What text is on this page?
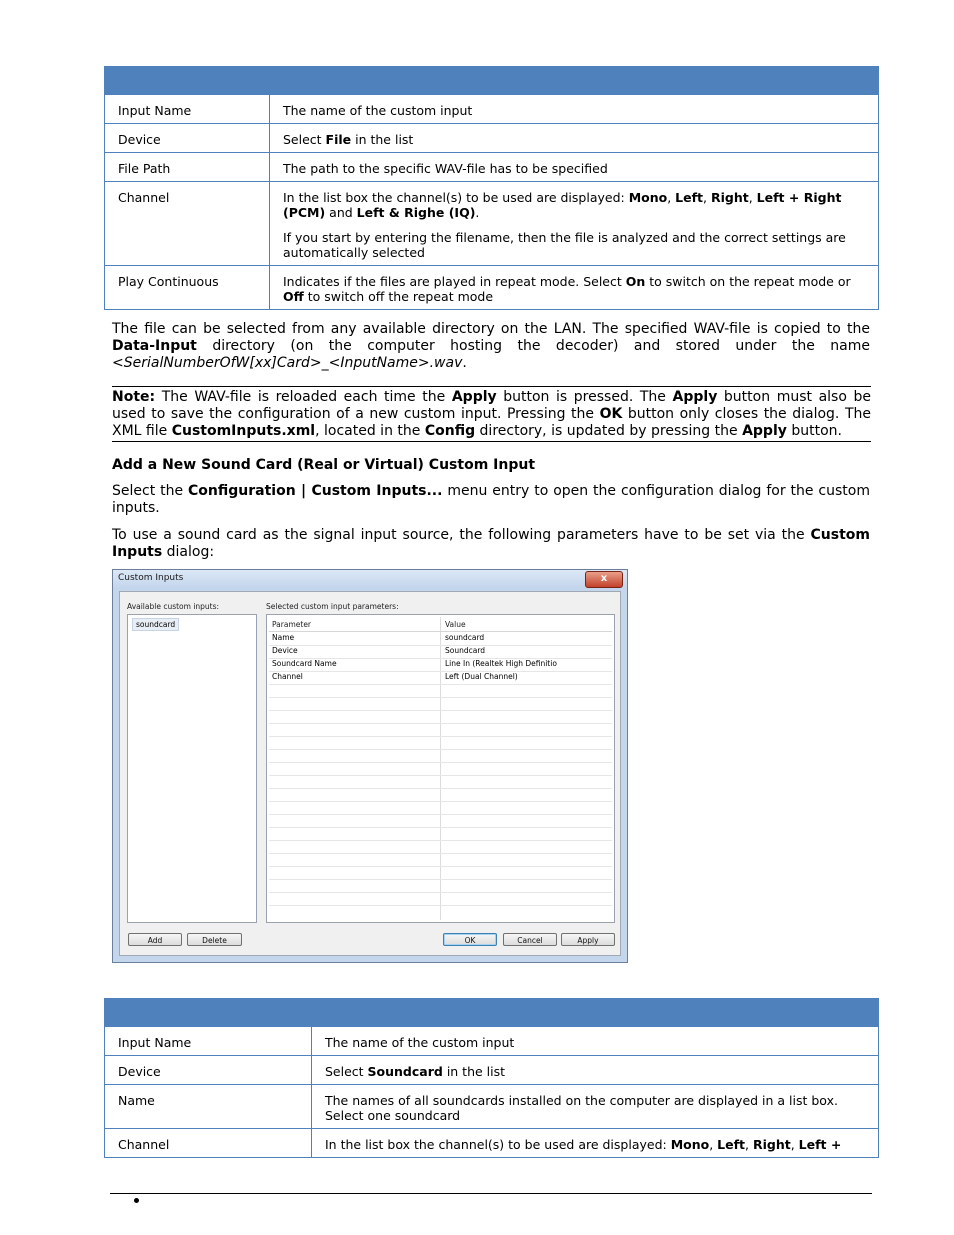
Input Name	The name of the custom input

Device	Select File in the list

File Path	The path to the specific WAV-file has to be specified

Channel	In the list box the channel(s) to be used are displayed: Mono, Left, Right, Left + Right (PCM) and Left & Righe (IQ).
If you start by entering the filename, then the file is analyzed and the correct settings are automatically selected

Play Continuous	Indicates if the files are played in repeat mode. Select On to switch on the repeat mode or Off to switch off the repeat mode
The file can be selected from any available directory on the LAN. The specified WAV-file is copied to the Data-Input directory (on the computer hosting the decoder) and stored under the name <SerialNumberOfW[xx]Card>_<InputName>.wav.
Note: The WAV-file is reloaded each time the Apply button is pressed. The Apply button must also be used to save the configuration of a new custom input. Pressing the OK button only closes the dialog. The XML file CustomInputs.xml, located in the Config directory, is updated by pressing the Apply button.
Add a New Sound Card (Real or Virtual) Custom Input
Select the Configuration | Custom Inputs... menu entry to open the configuration dialog for the custom inputs.
To use a sound card as the signal input source, the following parameters have to be set via the Custom Inputs dialog:
Custom Inputs	x
Available custom inputs:
soundcard
Selected custom input parameters:
Parameter	Value
Name	soundcard
Device	Soundcard
Soundcard Name	Line In (Realtek High Definitio
Channel	Left (Dual Channel)
Add	Delete	OK	Cancel	Apply

Input Name	The name of the custom input

Device	Select Soundcard in the list

Name	The names of all soundcards installed on the computer are displayed in a list box. Select one soundcard

Channel	In the list box the channel(s) to be used are displayed: Mono, Left, Right, Left +
